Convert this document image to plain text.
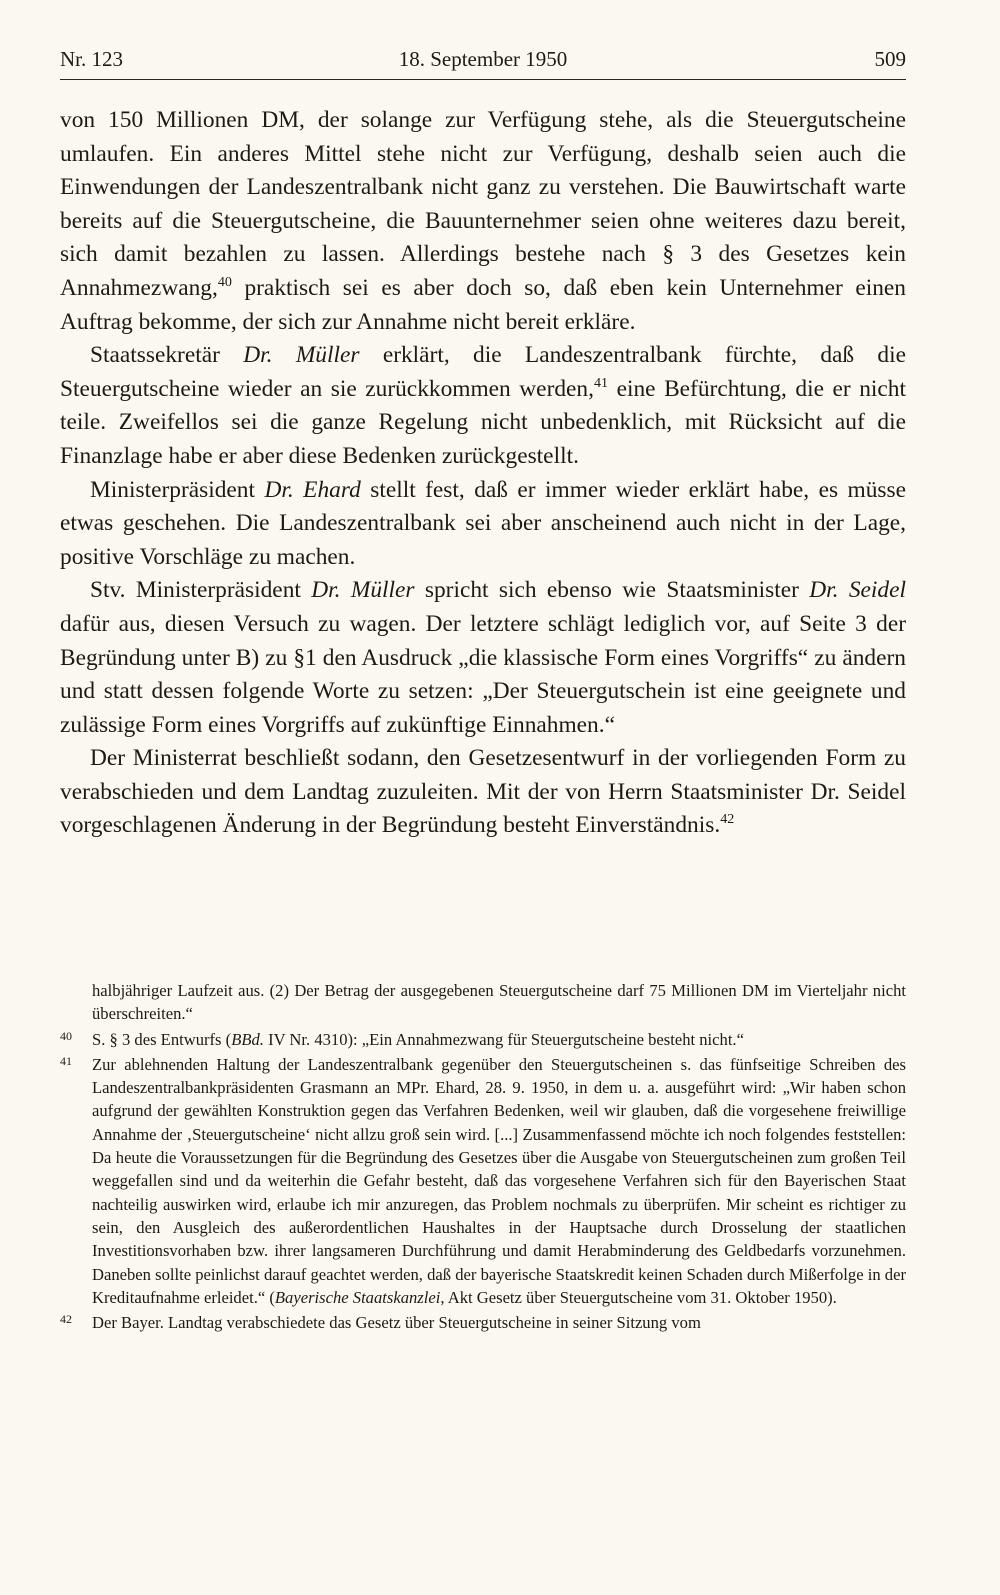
Nr. 123	18. September 1950	509

von 150 Millionen DM, der solange zur Verfügung stehe, als die Steuergutscheine umlaufen. Ein anderes Mittel stehe nicht zur Verfügung, deshalb seien auch die Einwendungen der Landeszentralbank nicht ganz zu verstehen. Die Bauwirtschaft warte bereits auf die Steuergutscheine, die Bauunternehmer seien ohne weiteres dazu bereit, sich damit bezahlen zu lassen. Allerdings bestehe nach § 3 des Gesetzes kein Annahmezwang,$^{40}$ praktisch sei es aber doch so, daß eben kein Unternehmer einen Auftrag bekomme, der sich zur Annahme nicht bereit erkläre.

Staatssekretär Dr. Müller erklärt, die Landeszentralbank fürchte, daß die Steuergutscheine wieder an sie zurückkommen werden,$^{41}$ eine Befürchtung, die er nicht teile. Zweifellos sei die ganze Regelung nicht unbedenklich, mit Rücksicht auf die Finanzlage habe er aber diese Bedenken zurückgestellt.

Ministerpräsident Dr. Ehard stellt fest, daß er immer wieder erklärt habe, es müsse etwas geschehen. Die Landeszentralbank sei aber anscheinend auch nicht in der Lage, positive Vorschläge zu machen.

Stv. Ministerpräsident Dr. Müller spricht sich ebenso wie Staatsminister Dr. Seidel dafür aus, diesen Versuch zu wagen. Der letztere schlägt lediglich vor, auf Seite 3 der Begründung unter B) zu §1 den Ausdruck „die klassische Form eines Vorgriffs“ zu ändern und statt dessen folgende Worte zu setzen: „Der Steuergutschein ist eine geeignete und zulässige Form eines Vorgriffs auf zukünftige Einnahmen.“

Der Ministerrat beschließt sodann, den Gesetzesentwurf in der vorliegenden Form zu verabschieden und dem Landtag zuzuleiten. Mit der von Herrn Staatsminister Dr. Seidel vorgeschlagenen Änderung in der Begründung besteht Einverständnis.$^{42}$

halbjähriger Laufzeit aus. (2) Der Betrag der ausgegebenen Steuergutscheine darf 75 Millionen DM im Vierteljahr nicht überschreiten.“
40 S. § 3 des Entwurfs (BBd. IV Nr. 4310): „Ein Annahmezwang für Steuergutscheine besteht nicht.“
41 Zur ablehnenden Haltung der Landeszentralbank gegenüber den Steuergutscheinen s. das fünfseitige Schreiben des Landeszentralbankpräsidenten Grasmann an MPr. Ehard, 28. 9. 1950, in dem u. a. ausgeführt wird: „Wir haben schon aufgrund der gewählten Konstruktion gegen das Verfahren Bedenken, weil wir glauben, daß die vorgesehene freiwillige Annahme der ‚Steuergutscheine‘ nicht allzu groß sein wird. [...] Zusammenfassend möchte ich noch folgendes feststellen: Da heute die Voraussetzungen für die Begründung des Gesetzes über die Ausgabe von Steuergutscheinen zum großen Teil weggefallen sind und da weiterhin die Gefahr besteht, daß das vorgesehene Verfahren sich für den Bayerischen Staat nachteilig auswirken wird, erlaube ich mir anzuregen, das Problem nochmals zu überprüfen. Mir scheint es richtiger zu sein, den Ausgleich des außerordentlichen Haushaltes in der Hauptsache durch Drosselung der staatlichen Investitionsvorhaben bzw. ihrer langsameren Durchführung und damit Herabminderung des Geldbedarfs vorzunehmen. Daneben sollte peinlichst darauf geachtet werden, daß der bayerische Staatskredit keinen Schaden durch Mißerfolge in der Kreditaufnahme erleidet.“ (Bayerische Staatskanzlei, Akt Gesetz über Steuergutscheine vom 31. Oktober 1950).
42 Der Bayer. Landtag verabschiedete das Gesetz über Steuergutscheine in seiner Sitzung vom
